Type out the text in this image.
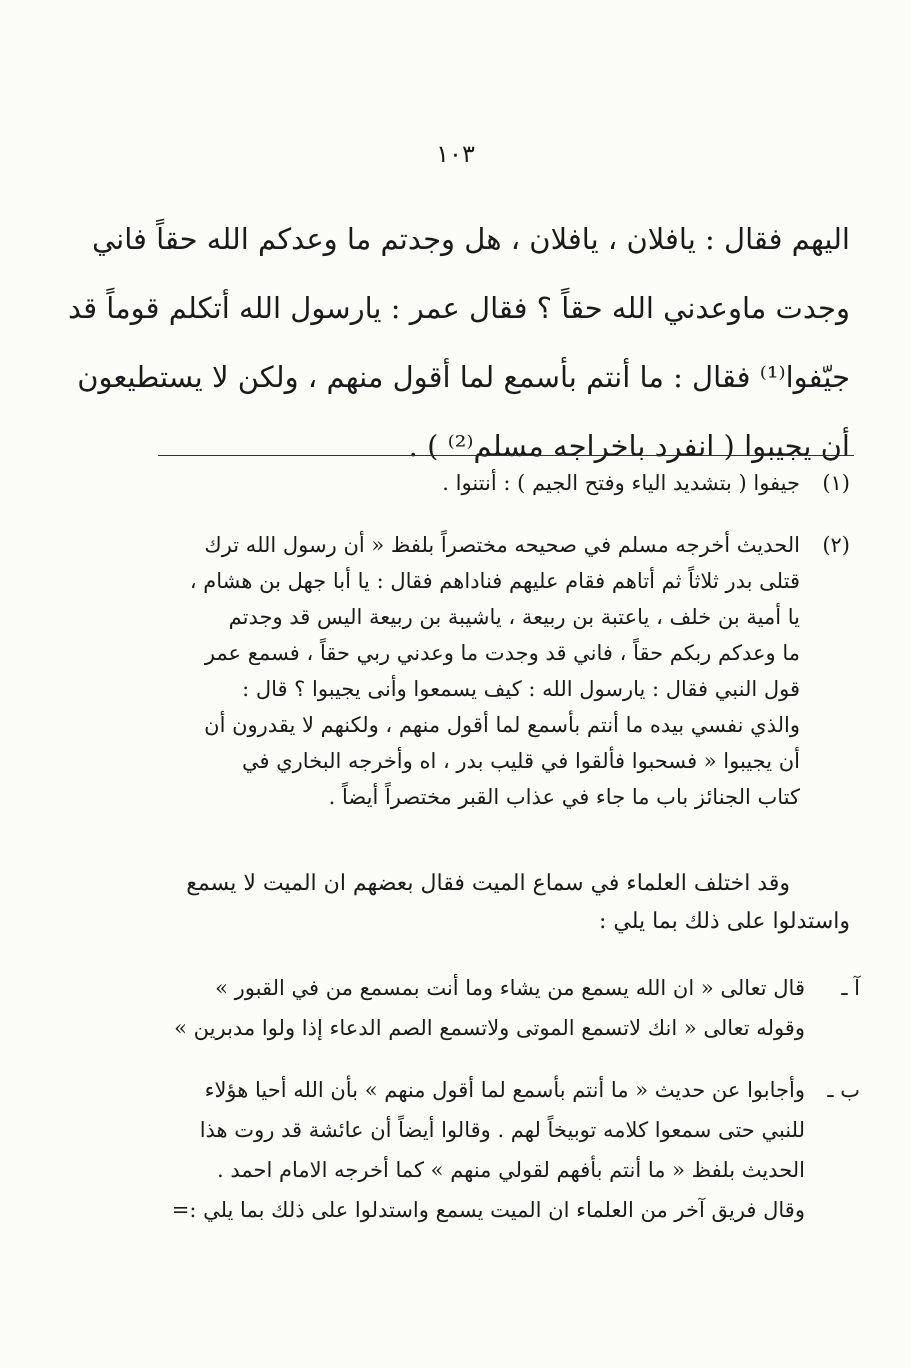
١٠٣
اليهم فقال : يافلان ، يافلان ، هل وجدتم ما وعدكم الله حقاً فاني
وجدت ماوعدني الله حقاً ؟ فقال عمر : يارسول الله أتكلم قوماً قد
جيّفوا⁽¹⁾ فقال : ما أنتم بأسمع لما أقول منهم ، ولكن لا يستطيعون
أن يجيبوا ( انفرد باخراجه مسلم⁽²⁾ ) .
(١)
جيفوا ( بتشديد الياء وفتح الجيم ) : أنتنوا .
(٢)
الحديث أخرجه مسلم في صحيحه مختصراً بلفظ « أن رسول الله ترك
قتلى بدر ثلاثاً ثم أتاهم فقام عليهم فناداهم فقال : يا أبا جهل بن هشام ،
يا أمية بن خلف ، ياعتبة بن ربيعة ، ياشيبة بن ربيعة اليس قد وجدتم
ما وعدكم ربكم حقاً ، فاني قد وجدت ما وعدني ربي حقاً ، فسمع عمر
قول النبي فقال : يارسول الله : كيف يسمعوا وأنى يجيبوا ؟ قال :
والذي نفسي بيده ما أنتم بأسمع لما أقول منهم ، ولكنهم لا يقدرون أن
أن يجيبوا « فسحبوا فألقوا في قليب بدر ، اه وأخرجه البخاري في
كتاب الجنائز باب ما جاء في عذاب القبر مختصراً أيضاً .
وقد اختلف العلماء في سماع الميت فقال بعضهم ان الميت لا يسمع
واستدلوا على ذلك بما يلي :
آ ـ
قال تعالى « ان الله يسمع من يشاء وما أنت بمسمع من في القبور »
وقوله تعالى « انك لاتسمع الموتى ولاتسمع الصم الدعاء إذا ولوا مدبرين »
ب ـ
وأجابوا عن حديث « ما أنتم بأسمع لما أقول منهم » بأن الله أحيا هؤلاء
للنبي حتى سمعوا كلامه توبيخاً لهم . وقالوا أيضاً أن عائشة قد روت هذا
الحديث بلفظ « ما أنتم بأفهم لقولي منهم » كما أخرجه الامام احمد .
وقال فريق آخر من العلماء ان الميت يسمع واستدلوا على ذلك بما يلي :=
